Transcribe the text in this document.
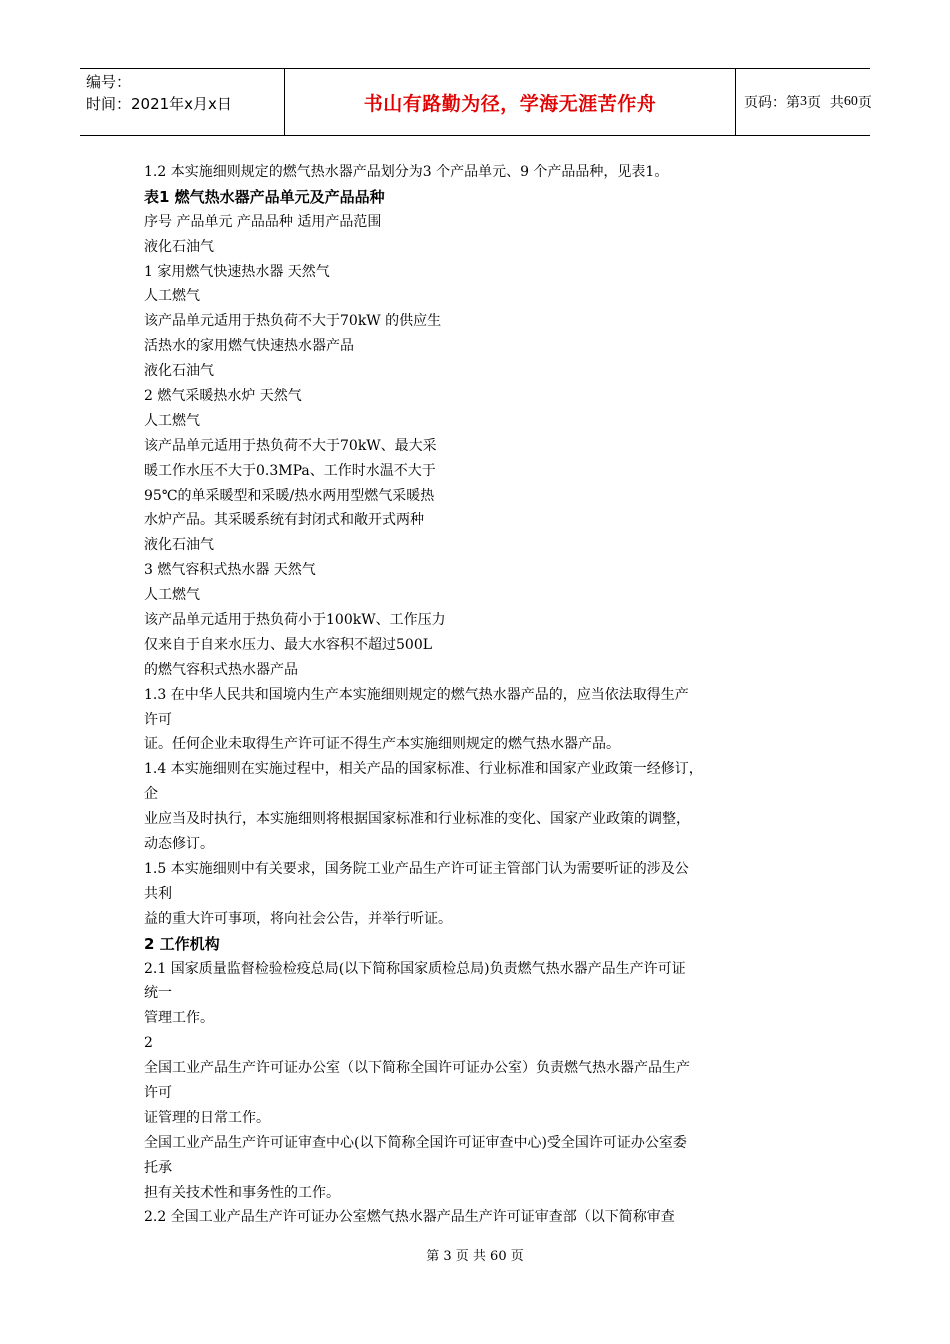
编号：
时间：2021年x月x日	书山有路勤为径，学海无涯苦作舟	页码：第 3 页  共 60 页
1.2 本实施细则规定的燃气热水器产品划分为3 个产品单元、9 个产品品种，见表1。
表1 燃气热水器产品单元及产品品种
序号 产品单元 产品品种 适用产品范围
液化石油气
1 家用燃气快速热水器 天然气
人工燃气
该产品单元适用于热负荷不大于70kW 的供应生
活热水的家用燃气快速热水器产品
液化石油气
2 燃气采暖热水炉 天然气
人工燃气
该产品单元适用于热负荷不大于70kW、最大采
暖工作水压不大于0.3MPa、工作时水温不大于
95℃的单采暖型和采暖/热水两用型燃气采暖热
水炉产品。其采暖系统有封闭式和敞开式两种
液化石油气
3 燃气容积式热水器 天然气
人工燃气
该产品单元适用于热负荷小于100kW、工作压力
仅来自于自来水压力、最大水容积不超过500L
的燃气容积式热水器产品
1.3 在中华人民共和国境内生产本实施细则规定的燃气热水器产品的，应当依法取得生产
许可
证。任何企业未取得生产许可证不得生产本实施细则规定的燃气热水器产品。
1.4 本实施细则在实施过程中，相关产品的国家标准、行业标准和国家产业政策一经修订，
企
业应当及时执行，本实施细则将根据国家标准和行业标准的变化、国家产业政策的调整，
动态修订。
1.5 本实施细则中有关要求，国务院工业产品生产许可证主管部门认为需要听证的涉及公
共利
益的重大许可事项，将向社会公告，并举行听证。
2 工作机构
2.1 国家质量监督检验检疫总局(以下简称国家质检总局)负责燃气热水器产品生产许可证
统一
管理工作。
2
全国工业产品生产许可证办公室（以下简称全国许可证办公室）负责燃气热水器产品生产
许可
证管理的日常工作。
全国工业产品生产许可证审查中心(以下简称全国许可证审查中心)受全国许可证办公室委
托承
担有关技术性和事务性的工作。
2.2 全国工业产品生产许可证办公室燃气热水器产品生产许可证审查部（以下简称审查
第 3 页 共 60 页
